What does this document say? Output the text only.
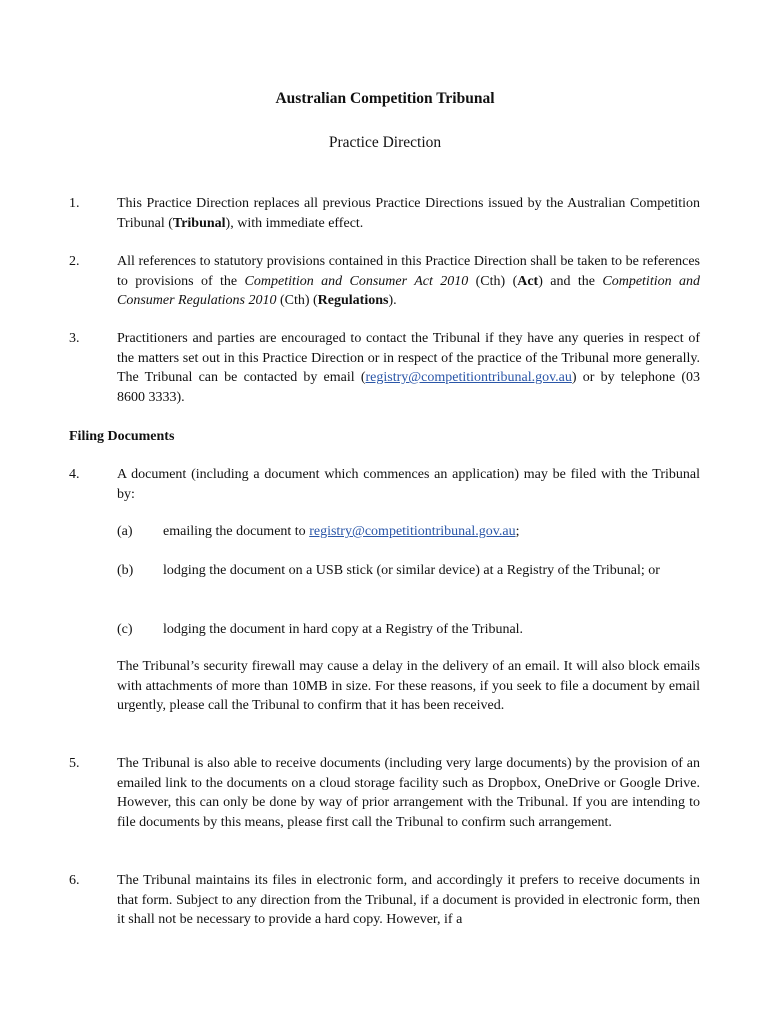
Australian Competition Tribunal
Practice Direction
1.	This Practice Direction replaces all previous Practice Directions issued by the Australian Competition Tribunal (Tribunal), with immediate effect.
2.	All references to statutory provisions contained in this Practice Direction shall be taken to be references to provisions of the Competition and Consumer Act 2010 (Cth) (Act) and the Competition and Consumer Regulations 2010 (Cth) (Regulations).
3.	Practitioners and parties are encouraged to contact the Tribunal if they have any queries in respect of the matters set out in this Practice Direction or in respect of the practice of the Tribunal more generally. The Tribunal can be contacted by email (registry@competitiontribunal.gov.au) or by telephone (03 8600 3333).
Filing Documents
4.	A document (including a document which commences an application) may be filed with the Tribunal by:
(a) emailing the document to registry@competitiontribunal.gov.au;
(b) lodging the document on a USB stick (or similar device) at a Registry of the Tribunal; or
(c) lodging the document in hard copy at a Registry of the Tribunal.
The Tribunal’s security firewall may cause a delay in the delivery of an email. It will also block emails with attachments of more than 10MB in size. For these reasons, if you seek to file a document by email urgently, please call the Tribunal to confirm that it has been received.
5.	The Tribunal is also able to receive documents (including very large documents) by the provision of an emailed link to the documents on a cloud storage facility such as Dropbox, OneDrive or Google Drive. However, this can only be done by way of prior arrangement with the Tribunal. If you are intending to file documents by this means, please first call the Tribunal to confirm such arrangement.
6.	The Tribunal maintains its files in electronic form, and accordingly it prefers to receive documents in that form. Subject to any direction from the Tribunal, if a document is provided in electronic form, then it shall not be necessary to provide a hard copy. However, if a
